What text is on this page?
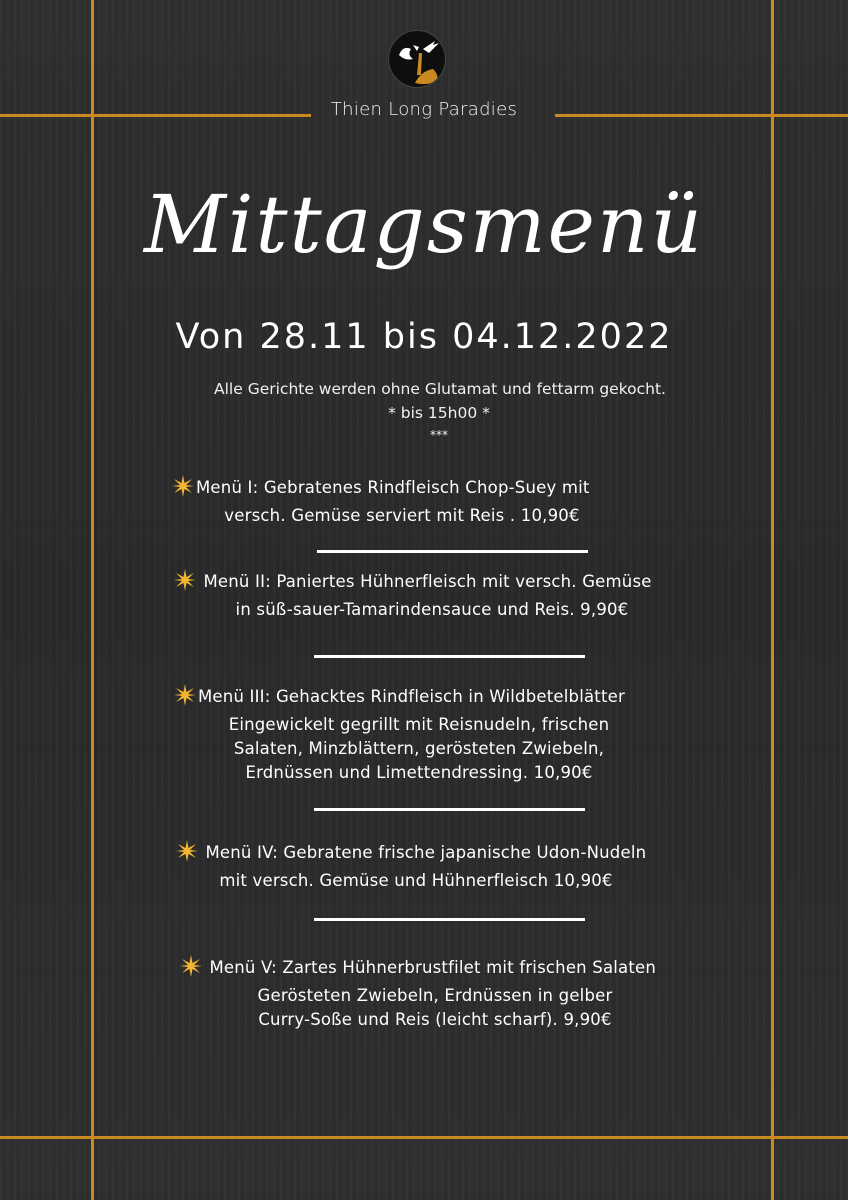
Thien Long Paradies
Mittagsmenü
Von 28.11 bis 04.12.2022
Alle Gerichte werden ohne Glutamat und fettarm gekocht.
* bis 15h00 *
***
Menü I: Gebratenes Rindfleisch Chop-Suey mit
versch. Gemüse serviert mit Reis . 10,90€
Menü II: Paniertes Hühnerfleisch mit versch. Gemüse
in süß-sauer-Tamarindensauce und Reis. 9,90€
Menü III: Gehacktes Rindfleisch in Wildbetelblätter
Eingewickelt gegrillt mit Reisnudeln, frischen
Salaten, Minzblättern, gerösteten Zwiebeln,
Erdnüssen und Limettendressing. 10,90€
Menü IV: Gebratene frische japanische Udon-Nudeln
mit versch. Gemüse und Hühnerfleisch 10,90€
Menü V: Zartes Hühnerbrustfilet mit frischen Salaten
Gerösteten Zwiebeln, Erdnüssen in gelber
Curry-Soße und Reis (leicht scharf). 9,90€
